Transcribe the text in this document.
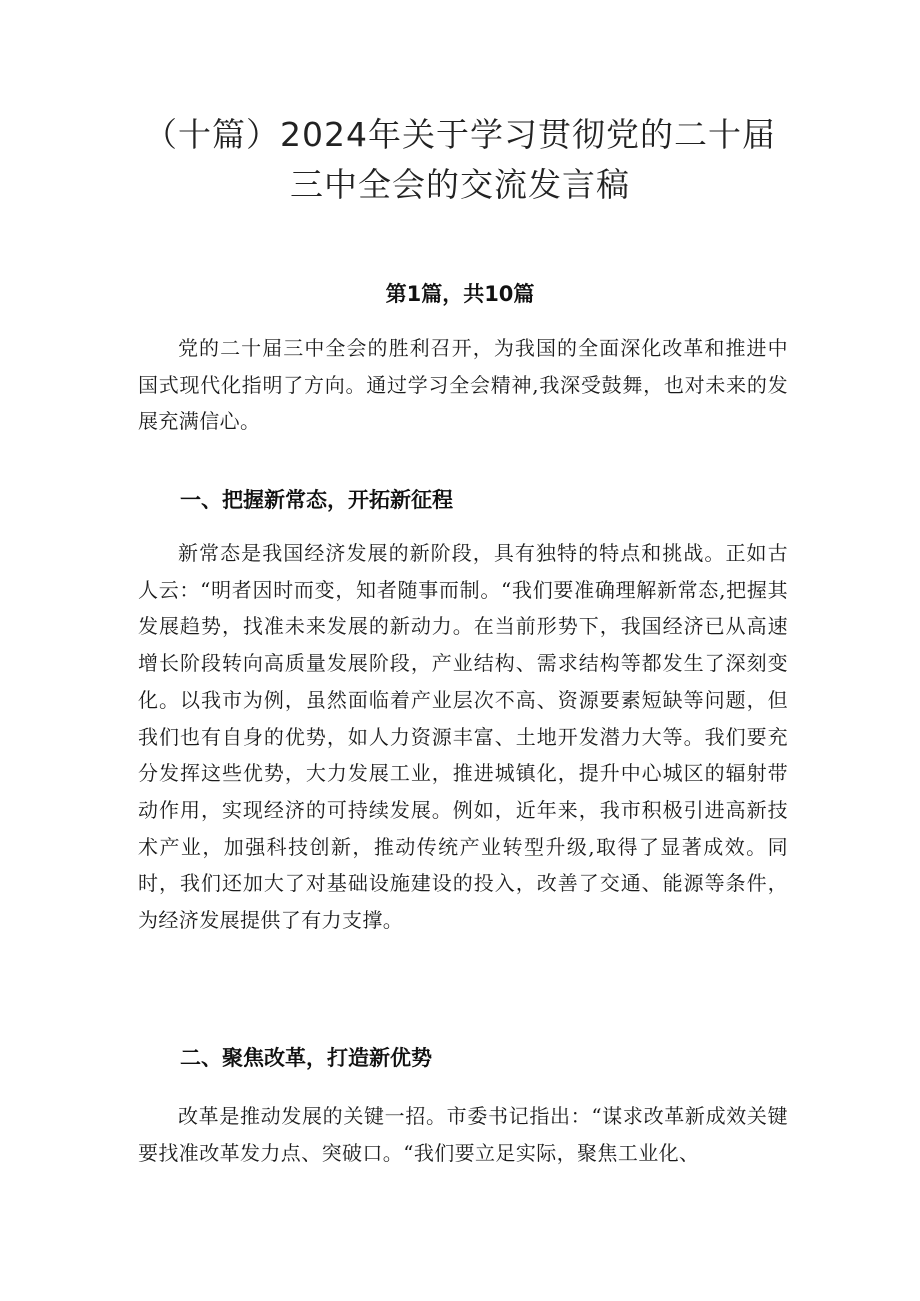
（十篇）2024年关于学习贯彻党的二十届
三中全会的交流发言稿
第1篇，共10篇

党的二十届三中全会的胜利召开，为我国的全面深化改革和推进中国式现代化指明了方向。通过学习全会精神,我深受鼓舞，也对未来的发展充满信心。

一、把握新常态，开拓新征程

新常态是我国经济发展的新阶段，具有独特的特点和挑战。正如古人云：“明者因时而变，知者随事而制。“我们要准确理解新常态,把握其发展趋势，找准未来发展的新动力。在当前形势下，我国经济已从高速增长阶段转向高质量发展阶段，产业结构、需求结构等都发生了深刻变化。以我市为例，虽然面临着产业层次不高、资源要素短缺等问题，但我们也有自身的优势，如人力资源丰富、土地开发潜力大等。我们要充分发挥这些优势，大力发展工业，推进城镇化，提升中心城区的辐射带动作用，实现经济的可持续发展。例如，近年来，我市积极引进高新技术产业，加强科技创新，推动传统产业转型升级,取得了显著成效。同时，我们还加大了对基础设施建设的投入，改善了交通、能源等条件，为经济发展提供了有力支撑。

二、聚焦改革，打造新优势

改革是推动发展的关键一招。市委书记指出：“谋求改革新成效关键要找准改革发力点、突破口。“我们要立足实际，聚焦工业化、
